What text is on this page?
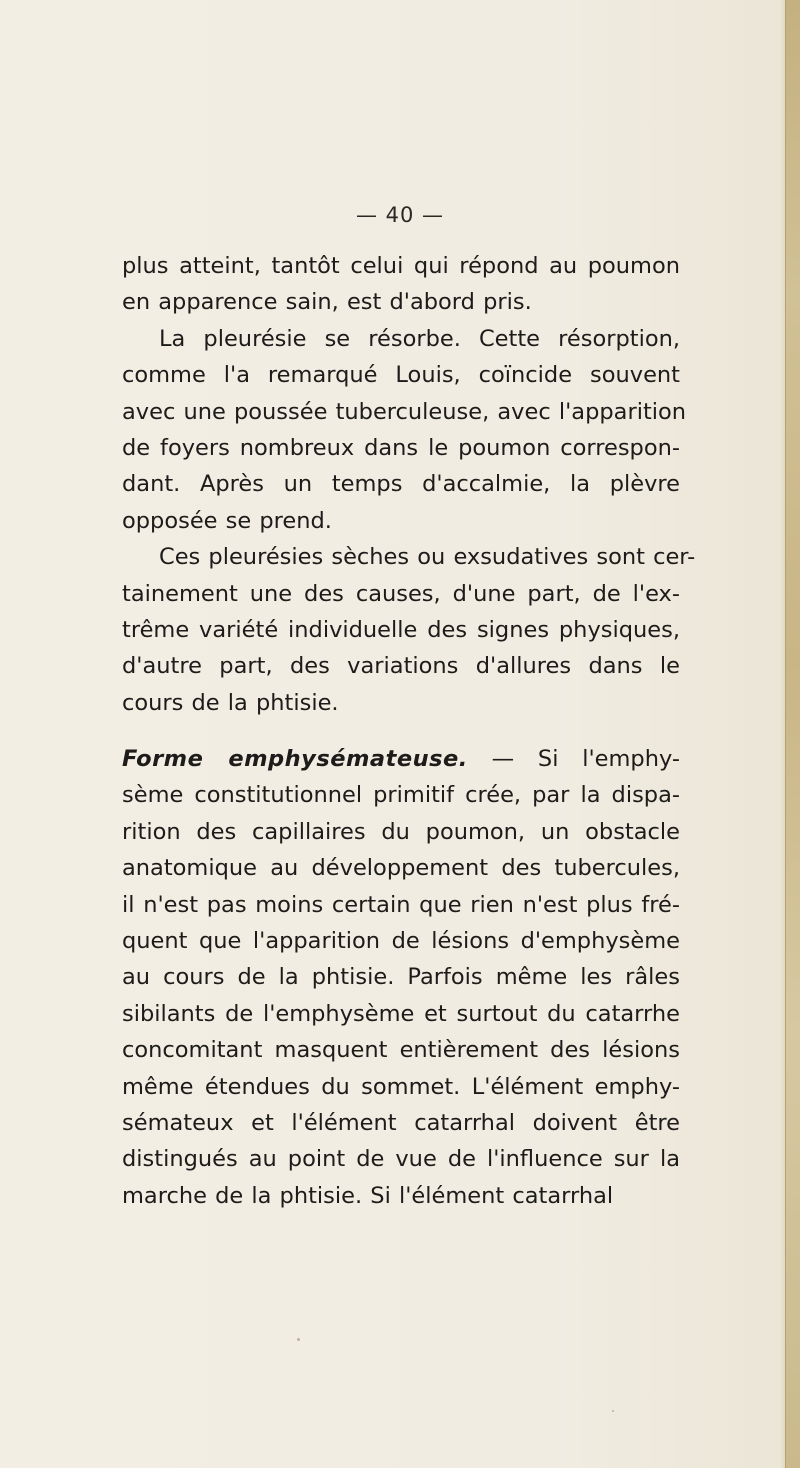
— 40 —
plus atteint, tantôt celui qui répond au poumon
en apparence sain, est d'abord pris.
La pleurésie se résorbe. Cette résorption,
comme l'a remarqué Louis, coïncide souvent
avec une poussée tuberculeuse, avec l'apparition
de foyers nombreux dans le poumon correspon-
dant. Après un temps d'accalmie, la plèvre
opposée se prend.
Ces pleurésies sèches ou exsudatives sont cer-
tainement une des causes, d'une part, de l'ex-
trême variété individuelle des signes physiques,
d'autre part, des variations d'allures dans le
cours de la phtisie.
Forme emphysémateuse. — Si l'emphy-
sème constitutionnel primitif crée, par la dispa-
rition des capillaires du poumon, un obstacle
anatomique au développement des tubercules,
il n'est pas moins certain que rien n'est plus fré-
quent que l'apparition de lésions d'emphysème
au cours de la phtisie. Parfois même les râles
sibilants de l'emphysème et surtout du catarrhe
concomitant masquent entièrement des lésions
même étendues du sommet. L'élément emphy-
sémateux et l'élément catarrhal doivent être
distingués au point de vue de l'influence sur la
marche de la phtisie. Si l'élément catarrhal
